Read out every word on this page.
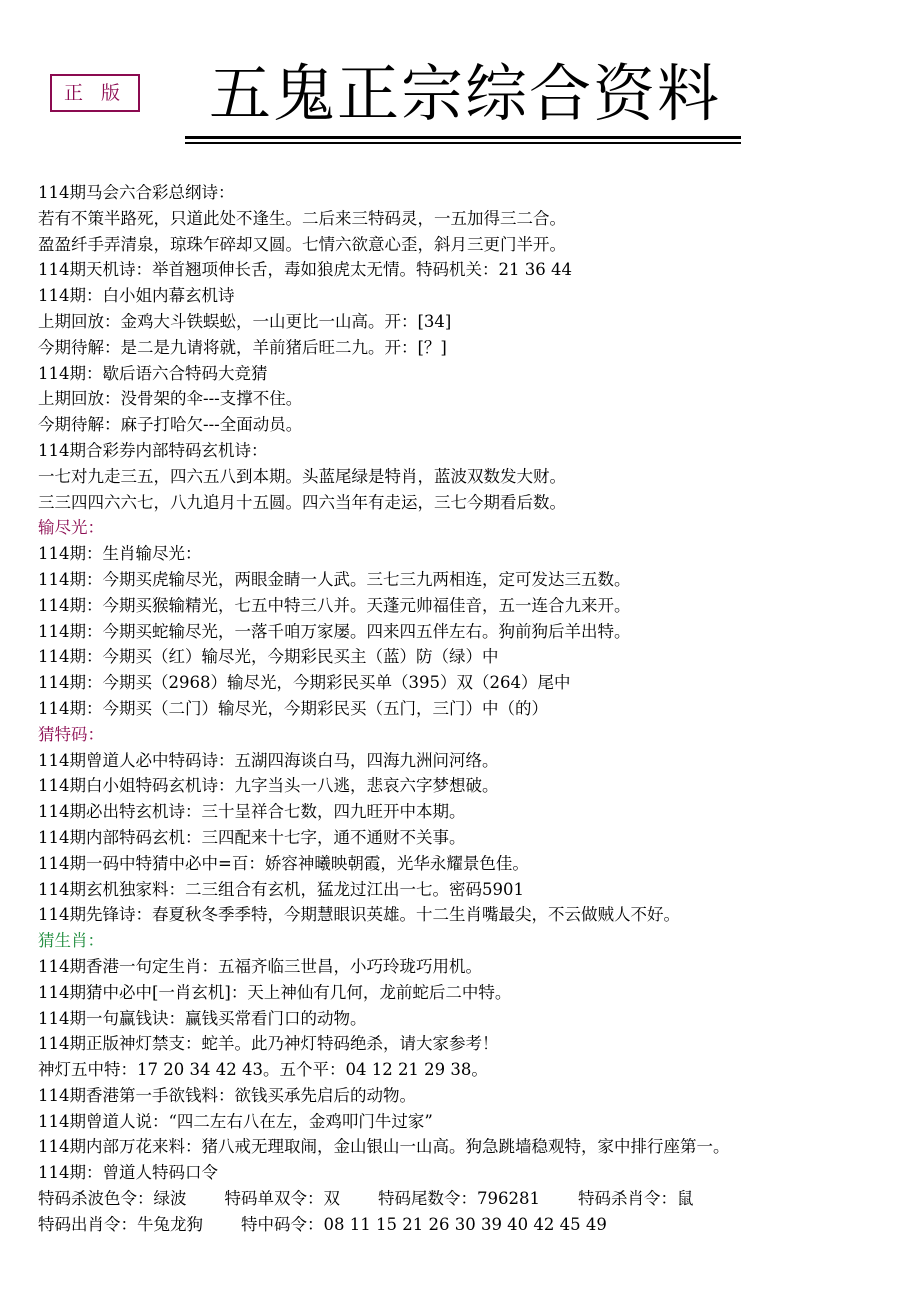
正 版	五鬼正宗综合资料
114期马会六合彩总纲诗：
若有不策半路死，只道此处不逢生。二后来三特码灵，一五加得三二合。
盈盈纤手弄清泉，琼珠乍碎却又圆。七情六欲意心歪，斜月三更门半开。
114期天机诗：举首翘项伸长舌，毒如狼虎太无情。特码机关：21 36 44
114期：白小姐内幕玄机诗
上期回放：金鸡大斗铁蜈蚣，一山更比一山高。开：[34]
今期待解：是二是九请将就，羊前猪后旺二九。开：[？]
114期：歇后语六合特码大竞猜
上期回放：没骨架的伞---支撑不住。
今期待解：麻子打哈欠---全面动员。
114期合彩券内部特码玄机诗：
一七对九走三五，四六五八到本期。头蓝尾绿是特肖，蓝波双数发大财。
三三四四六六七，八九追月十五圆。四六当年有走运，三七今期看后数。
输尽光：
114期：生肖输尽光：
114期：今期买虎输尽光，两眼金睛一人武。三七三九两相连，定可发达三五数。
114期：今期买猴输精光，七五中特三八并。天蓬元帅福佳音，五一连合九来开。
114期：今期买蛇输尽光，一落千咱万家屡。四来四五伴左右。狗前狗后羊出特。
114期：今期买（红）输尽光，今期彩民买主（蓝）防（绿）中
114期：今期买（2968）输尽光，今期彩民买单（395）双（264）尾中
114期：今期买（二门）输尽光，今期彩民买（五门，三门）中（的）
猜特码：
114期曾道人必中特码诗：五湖四海谈白马，四海九洲问河络。
114期白小姐特码玄机诗：九字当头一八逃，悲哀六字梦想破。
114期必出特玄机诗：三十呈祥合七数，四九旺开中本期。
114期内部特码玄机：三四配来十七字，通不通财不关事。
114期一码中特猜中必中=百：娇容神曦映朝霞，光华永耀景色佳。
114期玄机独家料：二三组合有玄机，猛龙过江出一七。密码5901
114期先锋诗：春夏秋冬季季特，今期慧眼识英雄。十二生肖嘴最尖，不云做贼人不好。
猜生肖：
114期香港一句定生肖：五福齐临三世昌，小巧玲珑巧用机。
114期猜中必中[一肖玄机]：天上神仙有几何，龙前蛇后二中特。
114期一句赢钱诀：赢钱买常看门口的动物。
114期正版神灯禁支：蛇羊。此乃神灯特码绝杀，请大家参考！
神灯五中特：17 20 34 42 43。五个平：04 12 21 29 38。
114期香港第一手欲钱料：欲钱买承先启后的动物。
114期曾道人说：“四二左右八在左，金鸡叩门牛过家”
114期内部万花来料：猪八戒无理取闹，金山银山一山高。狗急跳墙稳观特，家中排行座第一。
114期：曾道人特码口令
特码杀波色令：绿波 特码单双令：双 特码尾数令：796281 特码杀肖令：鼠
特码出肖令：牛兔龙狗 特中码令：08 11 15 21 26 30 39 40 42 45 49
